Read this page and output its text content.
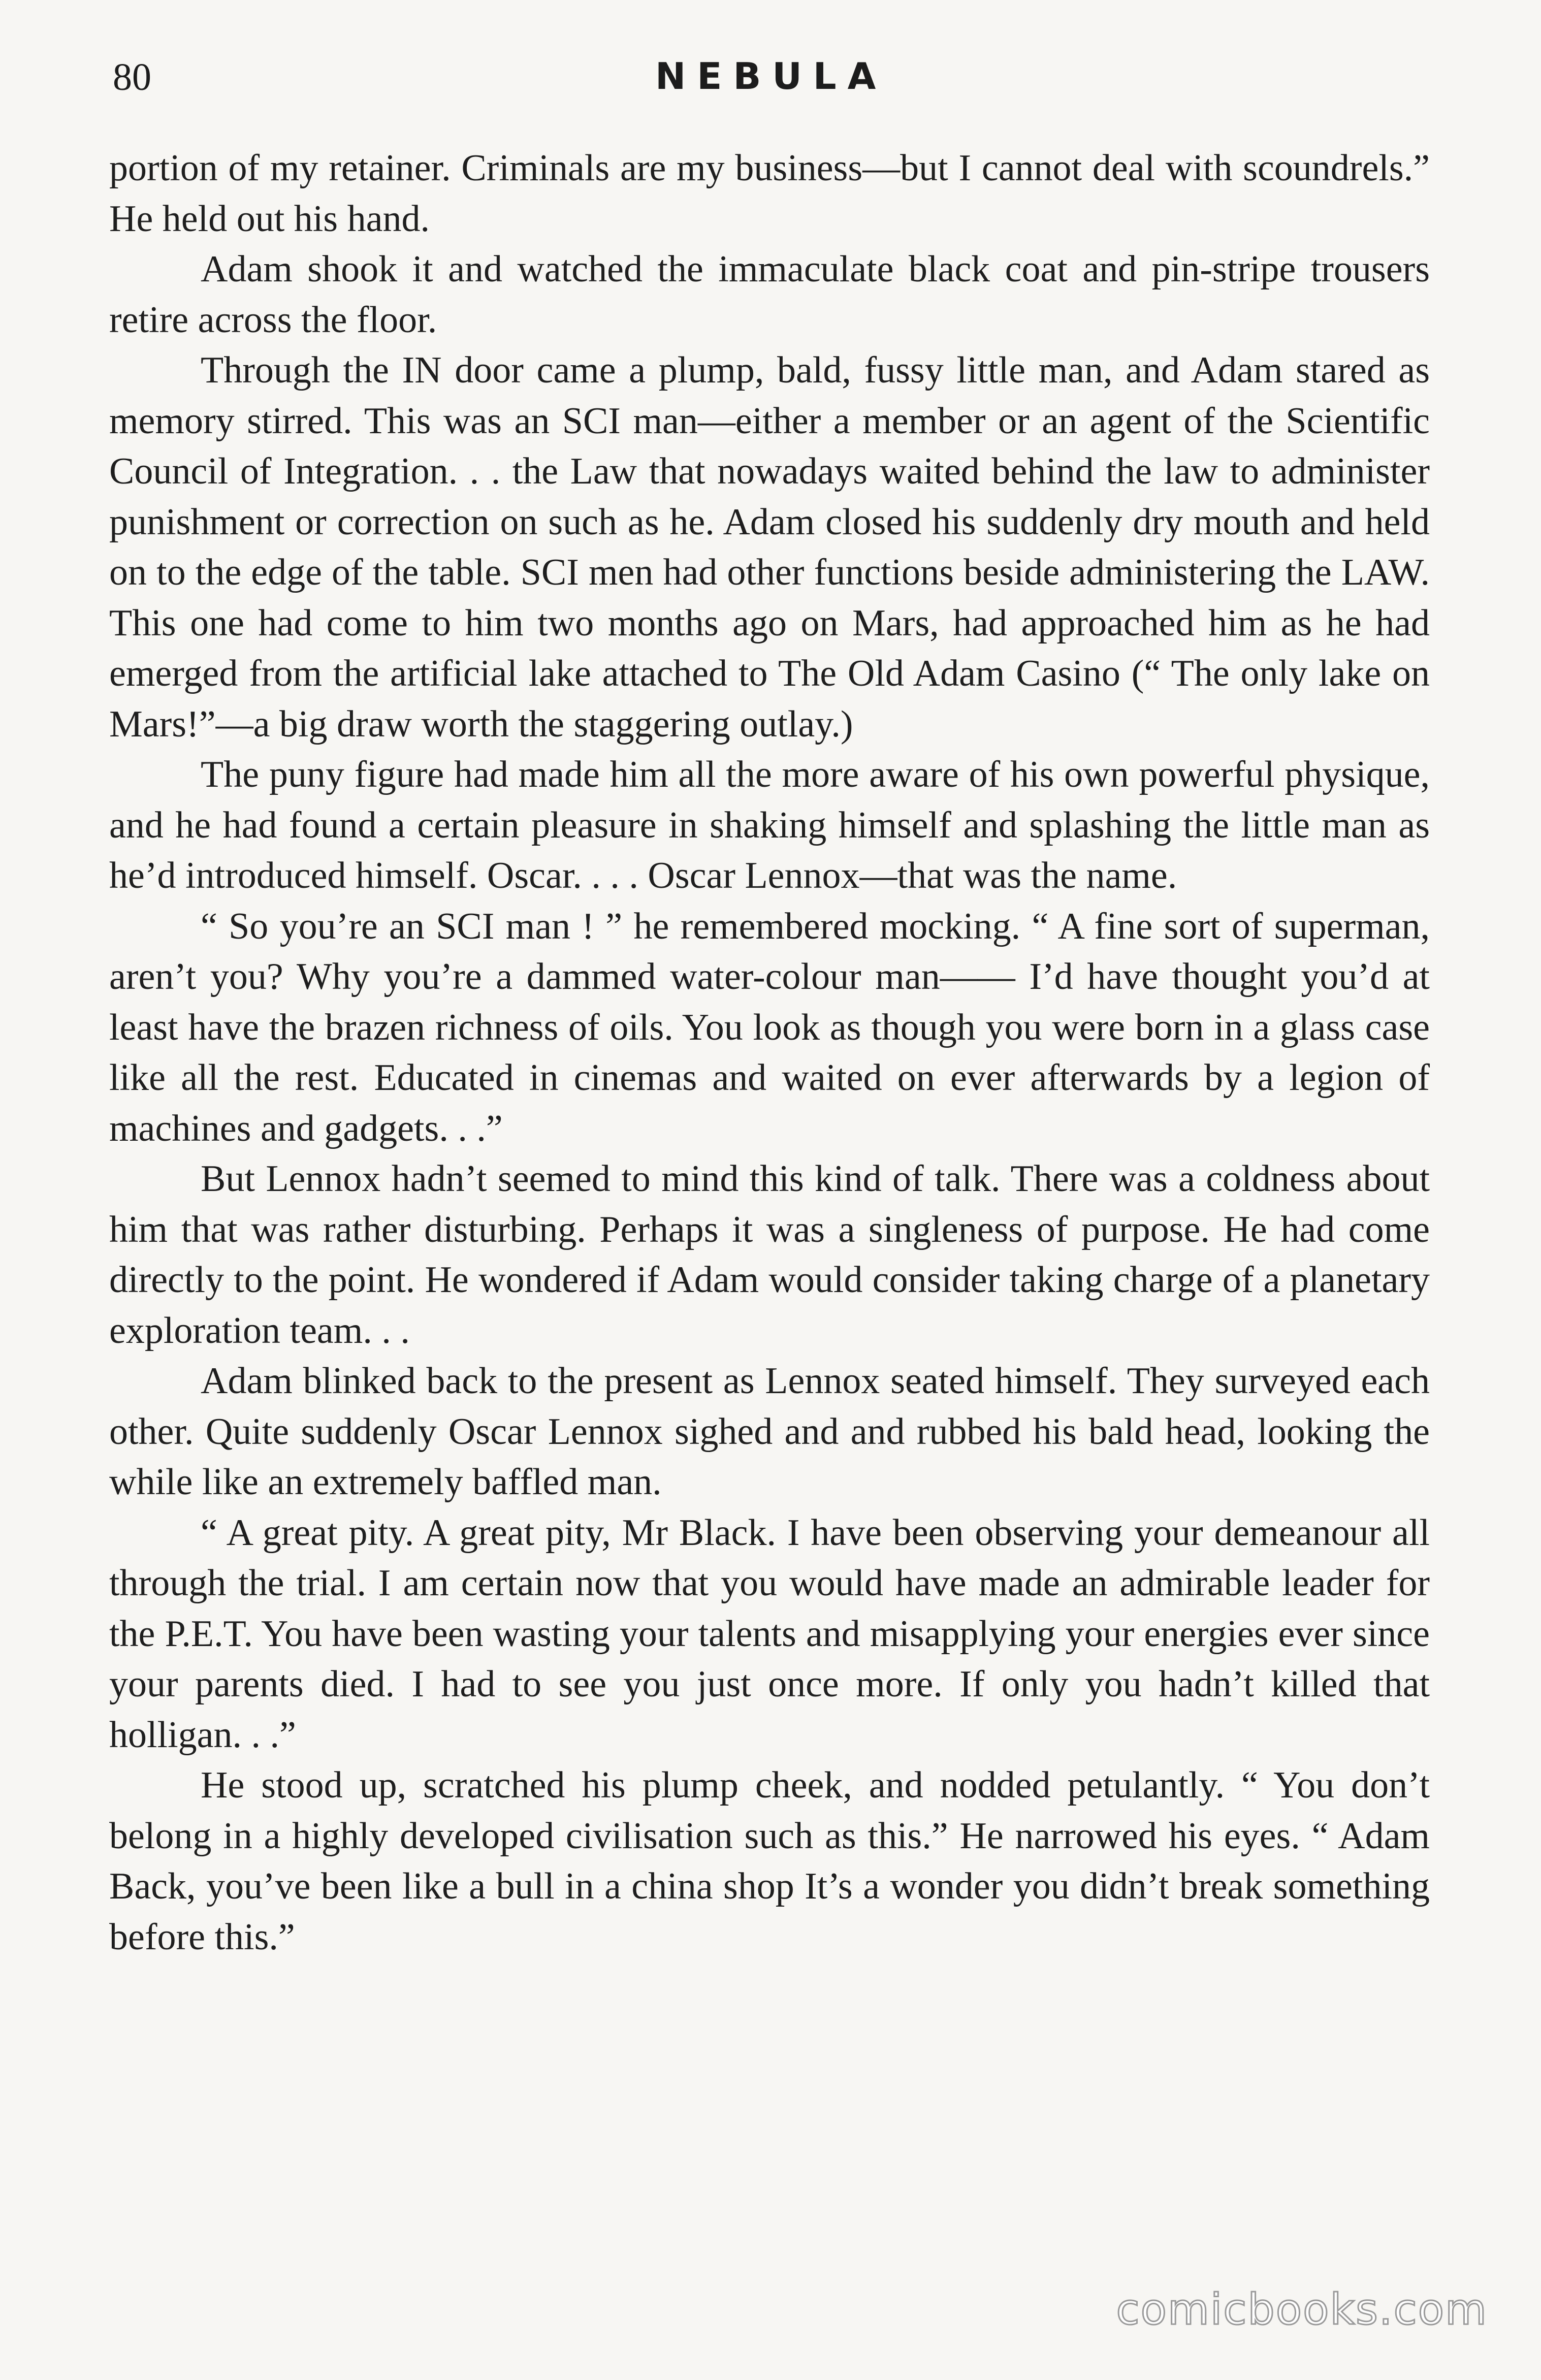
80	NEBULA

portion of my retainer. Criminals are my business—but I cannot deal with scoundrels.” He held out his hand.

Adam shook it and watched the immaculate black coat and pin-stripe trousers retire across the floor.

Through the IN door came a plump, bald, fussy little man, and Adam stared as memory stirred. This was an SCI man—either a member or an agent of the Scientific Council of Integration. . . the Law that nowadays waited behind the law to administer punishment or correction on such as he. Adam closed his suddenly dry mouth and held on to the edge of the table. SCI men had other functions beside administering the LAW. This one had come to him two months ago on Mars, had approached him as he had emerged from the artificial lake attached to The Old Adam Casino (“ The only lake on Mars!”—a big draw worth the staggering outlay.)

The puny figure had made him all the more aware of his own powerful physique, and he had found a certain pleasure in shaking himself and splashing the little man as he’d introduced himself. Oscar. . . . Oscar Lennox—that was the name.

“ So you’re an SCI man ! ” he remembered mocking. “ A fine sort of superman, aren’t you? Why you’re a dammed water-colour man—— I’d have thought you’d at least have the brazen richness of oils. You look as though you were born in a glass case like all the rest. Educated in cinemas and waited on ever afterwards by a legion of machines and gadgets. . .”

But Lennox hadn’t seemed to mind this kind of talk. There was a coldness about him that was rather disturbing. Perhaps it was a singleness of purpose. He had come directly to the point. He wondered if Adam would consider taking charge of a planetary exploration team. . .

Adam blinked back to the present as Lennox seated himself. They surveyed each other. Quite suddenly Oscar Lennox sighed and and rubbed his bald head, looking the while like an extremely baffled man.

“ A great pity. A great pity, Mr Black. I have been observing your demeanour all through the trial. I am certain now that you would have made an admirable leader for the P.E.T. You have been wasting your talents and misapplying your energies ever since your parents died. I had to see you just once more. If only you hadn’t killed that holligan. . .”

He stood up, scratched his plump cheek, and nodded petulantly. “ You don’t belong in a highly developed civilisation such as this.” He narrowed his eyes. “ Adam Back, you’ve been like a bull in a china shop It’s a wonder you didn’t break something before this.”

comicbooks.com
